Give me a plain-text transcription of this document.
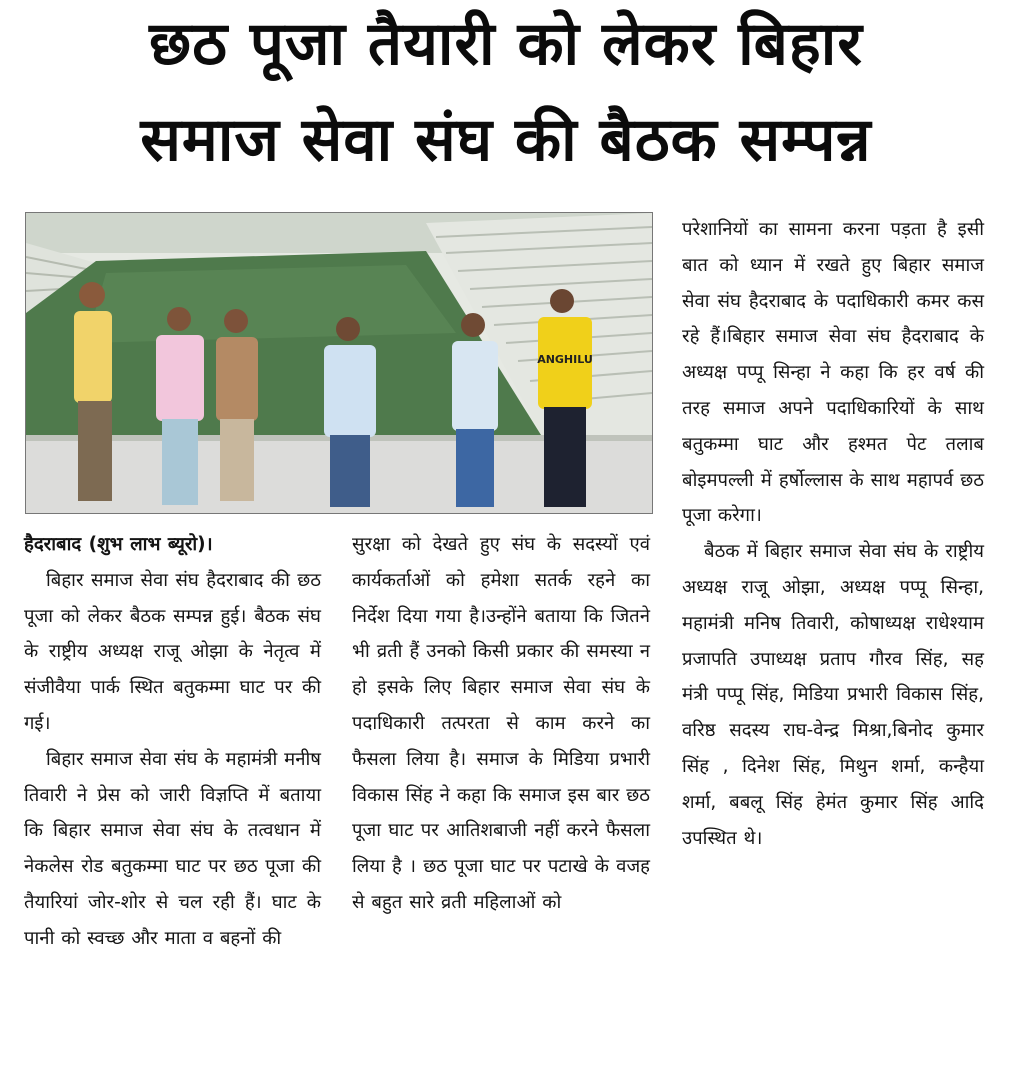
छठ पूजा तैयारी को लेकर बिहार
समाज सेवा संघ की बैठक सम्पन्न
ANGHILU

हैदराबाद (शुभ लाभ ब्यूरो)।

बिहार समाज सेवा संघ हैदराबाद की छठ पूजा को लेकर बैठक सम्पन्न हुई। बैठक संघ के राष्ट्रीय अध्यक्ष राजू ओझा के नेतृत्व में संजीवैया पार्क स्थित बतुकम्मा घाट पर की गई।

बिहार समाज सेवा संघ के महामंत्री मनीष तिवारी ने प्रेस को जारी विज्ञप्ति में बताया कि बिहार समाज सेवा संघ के तत्वधान में नेकलेस रोड बतुकम्मा घाट पर छठ पूजा की तैयारियां जोर-शोर से चल रही हैं। घाट के पानी को स्वच्छ और माता व बहनों की

सुरक्षा को देखते हुए संघ के सदस्यों एवं कार्यकर्ताओं को हमेशा सतर्क रहने का निर्देश दिया गया है।उन्होंने बताया कि जितने भी व्रती हैं उनको किसी प्रकार की समस्या न हो इसके लिए बिहार समाज सेवा संघ के पदाधिकारी तत्परता से काम करने का फैसला लिया है। समाज के मिडिया प्रभारी विकास सिंह ने कहा कि समाज इस बार छठ पूजा घाट पर आतिशबाजी नहीं करने फैसला लिया है । छठ पूजा घाट पर पटाखे के वजह से बहुत सारे व्रती महिलाओं को

परेशानियों का सामना करना पड़ता है इसी बात को ध्यान में रखते हुए बिहार समाज सेवा संघ हैदराबाद के पदाधिकारी कमर कस रहे हैं।बिहार समाज सेवा संघ हैदराबाद के अध्यक्ष पप्पू सिन्हा ने कहा कि हर वर्ष की तरह समाज अपने पदाधिकारियों के साथ बतुकम्मा घाट और हश्मत पेट तलाब बोइमपल्ली में हर्षोल्लास के साथ महापर्व छठ पूजा करेगा।

बैठक में बिहार समाज सेवा संघ के राष्ट्रीय अध्यक्ष राजू ओझा, अध्यक्ष पप्पू सिन्हा, महामंत्री मनिष तिवारी, कोषाध्यक्ष राधेश्याम प्रजापति उपाध्यक्ष प्रताप गौरव सिंह, सह मंत्री पप्पू सिंह, मिडिया प्रभारी विकास सिंह, वरिष्ठ सदस्य राघ-वेन्द्र मिश्रा,बिनोद कुमार सिंह , दिनेश सिंह, मिथुन शर्मा, कन्हैया शर्मा, बबलू सिंह हेमंत कुमार सिंह आदि उपस्थित थे।
